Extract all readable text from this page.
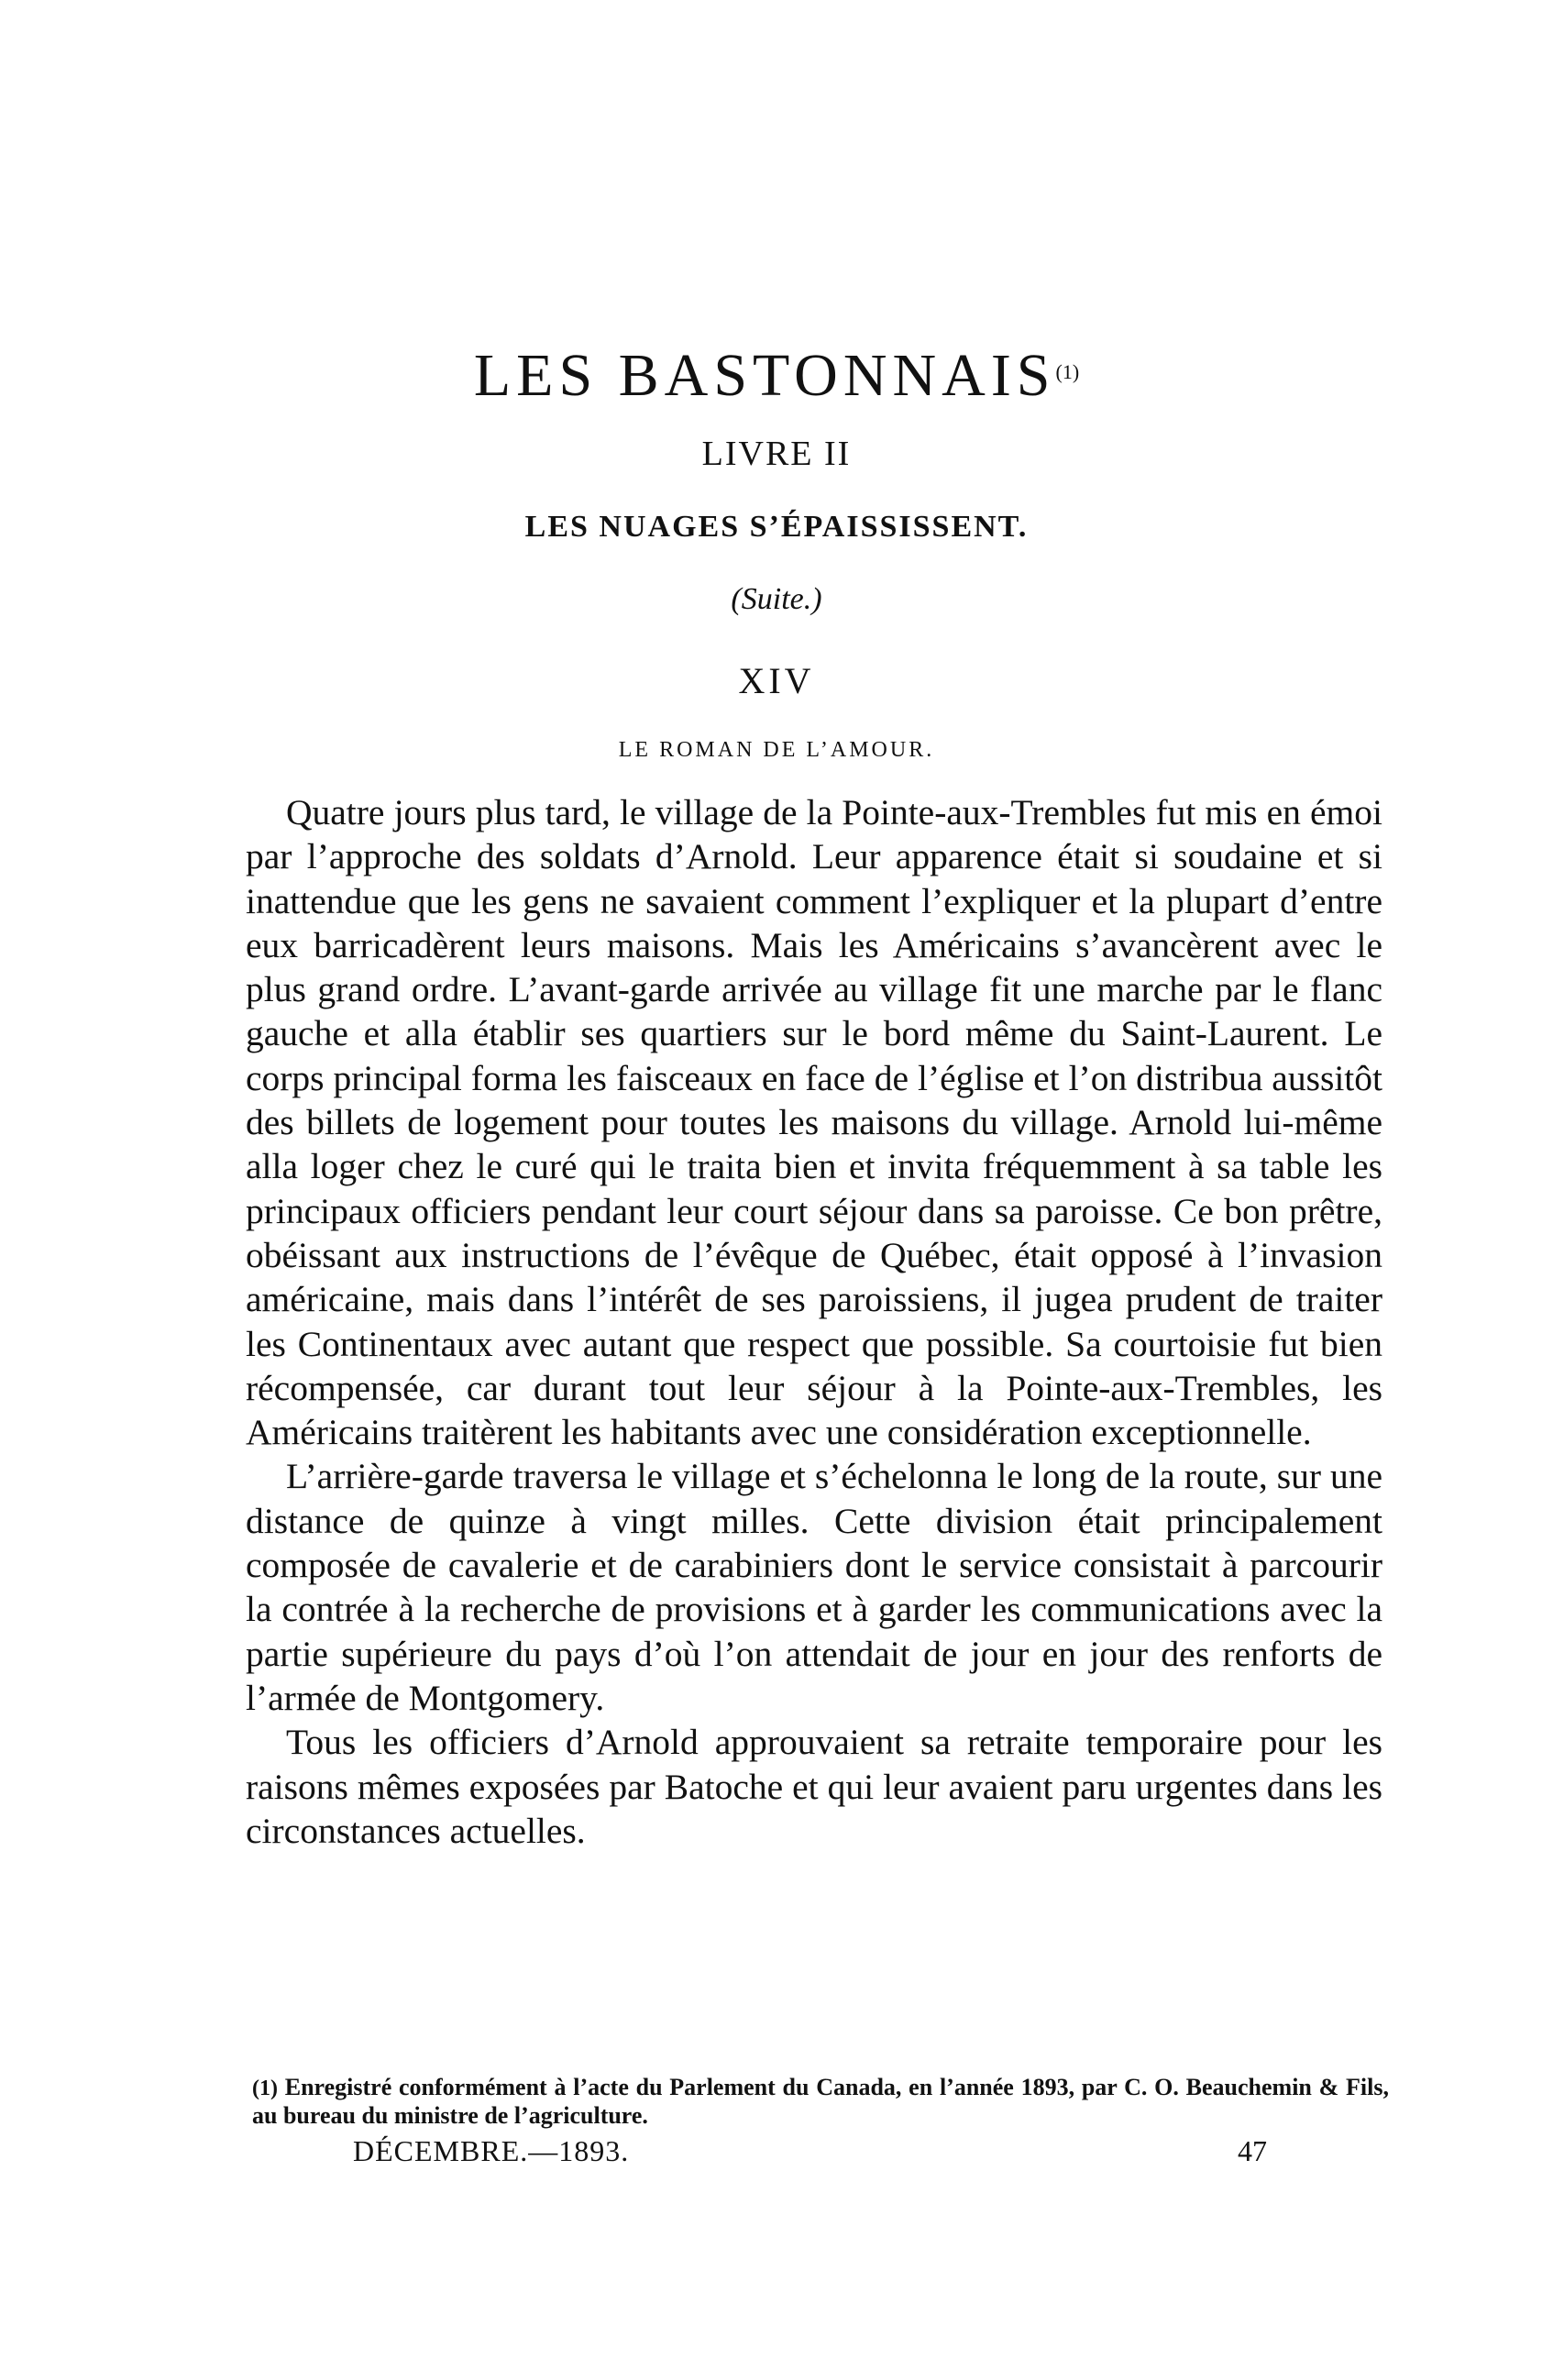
LES BASTONNAIS$^{(1)}$
LIVRE II
LES NUAGES S’ÉPAISSISSENT.
(Suite.)
XIV
LE ROMAN DE L’AMOUR.

Quatre jours plus tard, le village de la Pointe-aux-Trembles fut mis en émoi par l’approche des soldats d’Arnold. Leur apparence était si soudaine et si inattendue que les gens ne savaient comment l’expliquer et la plupart d’entre eux barricadèrent leurs maisons. Mais les Américains s’avancèrent avec le plus grand ordre. L’avant-garde arrivée au village fit une marche par le flanc gauche et alla établir ses quartiers sur le bord même du Saint-Laurent. Le corps principal forma les faisceaux en face de l’église et l’on distribua aussitôt des billets de logement pour toutes les maisons du village. Arnold lui-même alla loger chez le curé qui le traita bien et invita fréquemment à sa table les principaux officiers pendant leur court séjour dans sa paroisse. Ce bon prêtre, obéissant aux instructions de l’évêque de Québec, était opposé à l’invasion américaine, mais dans l’intérêt de ses paroissiens, il jugea prudent de traiter les Continentaux avec autant que respect que possible. Sa courtoisie fut bien récompensée, car durant tout leur séjour à la Pointe-aux-Trembles, les Américains traitèrent les habitants avec une considération exceptionnelle.

L’arrière-garde traversa le village et s’échelonna le long de la route, sur une distance de quinze à vingt milles. Cette division était principalement composée de cavalerie et de carabiniers dont le service consistait à parcourir la contrée à la recherche de provisions et à garder les communications avec la partie supérieure du pays d’où l’on attendait de jour en jour des renforts de l’armée de Montgomery.

Tous les officiers d’Arnold approuvaient sa retraite temporaire pour les raisons mêmes exposées par Batoche et qui leur avaient paru urgentes dans les circonstances actuelles.

(1) Enregistré conformément à l’acte du Parlement du Canada, en l’année 1893, par C. O. Beauchemin & Fils, au bureau du ministre de l’agriculture.
DÉCEMBRE.—1893.	47
